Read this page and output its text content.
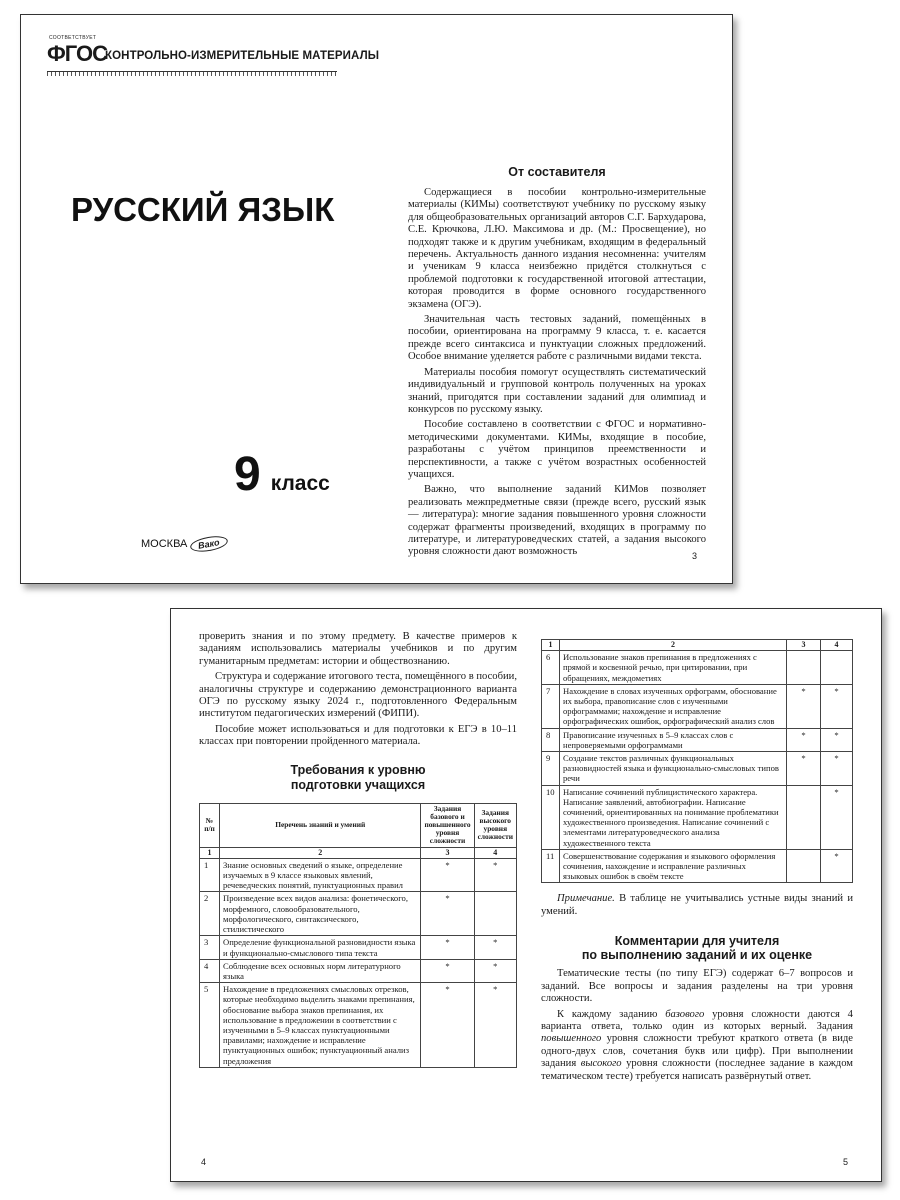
СООТВЕТСТВУЕТ
ФГОС
КОНТРОЛЬНО-ИЗМЕРИТЕЛЬНЫЕ МАТЕРИАЛЫ
РУССКИЙ ЯЗЫК
9 класс
МОСКВА	Вако
От составителя

Содержащиеся в пособии контрольно-измерительные материалы (КИМы) соответствуют учебнику по русскому языку для общеобразовательных организаций авторов С.Г. Бархударова, С.Е. Крючкова, Л.Ю. Максимова и др. (М.: Просвещение), но подходят также и к другим учебникам, входящим в федеральный перечень. Актуальность данного издания несомненна: учителям и ученикам 9 класса неизбежно придётся столкнуться с проблемой подготовки к государственной итоговой аттестации, которая проводится в форме основного государственного экзамена (ОГЭ).

Значительная часть тестовых заданий, помещённых в пособии, ориентирована на программу 9 класса, т. е. касается прежде всего синтаксиса и пунктуации сложных предложений. Особое внимание уделяется работе с различными видами текста.

Материалы пособия помогут осуществлять систематический индивидуальный и групповой контроль полученных на уроках знаний, пригодятся при составлении заданий для олимпиад и конкурсов по русскому языку.

Пособие составлено в соответствии с ФГОС и нормативно-методическими документами. КИМы, входящие в пособие, разработаны с учётом принципов преемственности и перспективности, а также с учётом возрастных особенностей учащихся.

Важно, что выполнение заданий КИМов позволяет реализовать межпредметные связи (прежде всего, русский язык — литература): многие задания повышенного уровня сложности содержат фрагменты произведений, входящих в программу по литературе, и литературоведческих статей, а задания высокого уровня сложности дают возможность	3

проверить знания и по этому предмету. В качестве примеров к заданиям использовались материалы учебников и по другим гуманитарным предметам: истории и обществознанию.

Структура и содержание итогового теста, помещённого в пособии, аналогичны структуре и содержанию демонстрационного варианта ОГЭ по русскому языку 2024 г., подготовленного Федеральным институтом педагогических измерений (ФИПИ).

Пособие может использоваться и для подготовки к ЕГЭ в 10–11 классах при повторении пройденного материала.

Требования к уровню
подготовки учащихся
№ п/п	Перечень знаний и умений	Задания базового и повышенного уровня сложности	Задания высокого уровня сложности
1	2	3	4
1	Знание основных сведений о языке, определение изучаемых в 9 классе языковых явлений, речеведческих понятий, пунктуационных правил	*	*
2	Произведение всех видов анализа: фонетического, морфемного, словообразовательного, морфологического, синтаксического, стилистического	*	
3	Определение функциональной разновидности языка и функционально-смыслового типа текста	*	*
4	Соблюдение всех основных норм литературного языка	*	*
5	Нахождение в предложениях смысловых отрезков, которые необходимо выделить знаками препинания, обоснование выбора знаков препинания, их использование в предложении в соответствии с изученными в 5–9 классах пунктуационными правилами; нахождение и исправление пунктуационных ошибок; пунктуационный анализ предложения	*	*
1	2	3	4
6	Использование знаков препинания в предложениях с прямой и косвенной речью, при цитировании, при обращениях, междометиях		
7	Нахождение в словах изученных орфограмм, обоснование их выбора, правописание слов с изученными орфограммами; нахождение и исправление орфографических ошибок, орфографический анализ слов	*	*
8	Правописание изученных в 5–9 классах слов с непроверяемыми орфограммами	*	*
9	Создание текстов различных функциональных разновидностей языка и функционально-смысловых типов речи	*	*
10	Написание сочинений публицистического характера. Написание заявлений, автобиографии. Написание сочинений, ориентированных на понимание проблематики художественного произведения. Написание сочинений с элементами литературоведческого анализа художественного текста		*
11	Совершенствование содержания и языкового оформления сочинения, нахождение и исправление различных языковых ошибок в своём тексте		*

Примечание. В таблице не учитывались устные виды знаний и умений.

Комментарии для учителя
по выполнению заданий и их оценке

Тематические тесты (по типу ЕГЭ) содержат 6–7 вопросов и заданий. Все вопросы и задания разделены на три уровня сложности.

К каждому заданию базового уровня сложности даются 4 варианта ответа, только один из которых верный. Задания повышенного уровня сложности требуют краткого ответа (в виде одного-двух слов, сочетания букв или цифр). При выполнении задания высокого уровня сложности (последнее задание в каждом тематическом тесте) требуется написать развёрнутый ответ.

4	5
